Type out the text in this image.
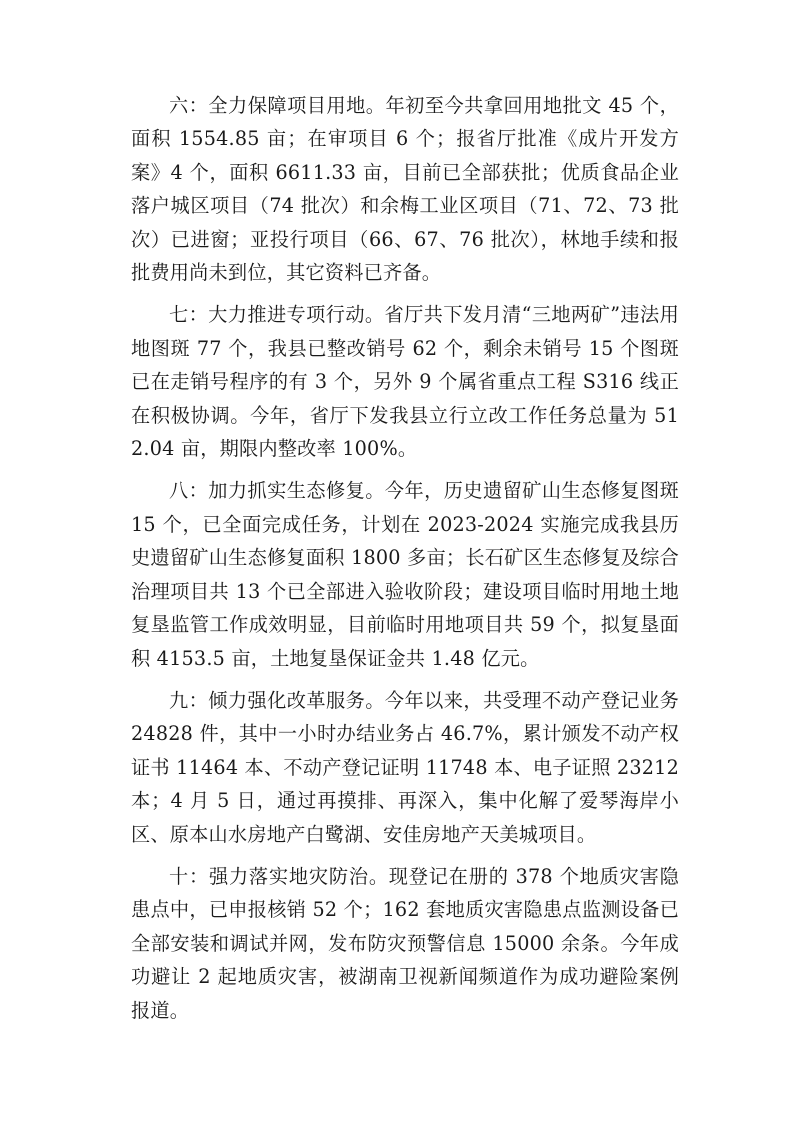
六：全力保障项目用地。年初至今共拿回用地批文 45 个，面积 1554.85 亩；在审项目 6 个；报省厅批准《成片开发方案》4 个，面积 6611.33 亩，目前已全部获批；优质食品企业落户城区项目（74 批次）和余梅工业区项目（71、72、73 批次）已进窗；亚投行项目（66、67、76 批次），林地手续和报批费用尚未到位，其它资料已齐备。

七：大力推进专项行动。省厅共下发月清“三地两矿”违法用地图斑 77 个，我县已整改销号 62 个，剩余未销号 15 个图斑已在走销号程序的有 3 个，另外 9 个属省重点工程 S316 线正在积极协调。今年，省厅下发我县立行立改工作任务总量为 512.04 亩，期限内整改率 100%。

八：加力抓实生态修复。今年，历史遗留矿山生态修复图斑 15 个，已全面完成任务，计划在 2023-2024 实施完成我县历史遗留矿山生态修复面积 1800 多亩；长石矿区生态修复及综合治理项目共 13 个已全部进入验收阶段；建设项目临时用地土地复垦监管工作成效明显，目前临时用地项目共 59 个，拟复垦面积 4153.5 亩，土地复垦保证金共 1.48 亿元。

九：倾力强化改革服务。今年以来，共受理不动产登记业务 24828 件，其中一小时办结业务占 46.7%，累计颁发不动产权证书 11464 本、不动产登记证明 11748 本、电子证照 23212 本；4 月 5 日，通过再摸排、再深入，集中化解了爱琴海岸小区、原本山水房地产白鹭湖、安佳房地产天美城项目。

十：强力落实地灾防治。现登记在册的 378 个地质灾害隐患点中，已申报核销 52 个；162 套地质灾害隐患点监测设备已全部安装和调试并网，发布防灾预警信息 15000 余条。今年成功避让 2 起地质灾害，被湖南卫视新闻频道作为成功避险案例报道。
